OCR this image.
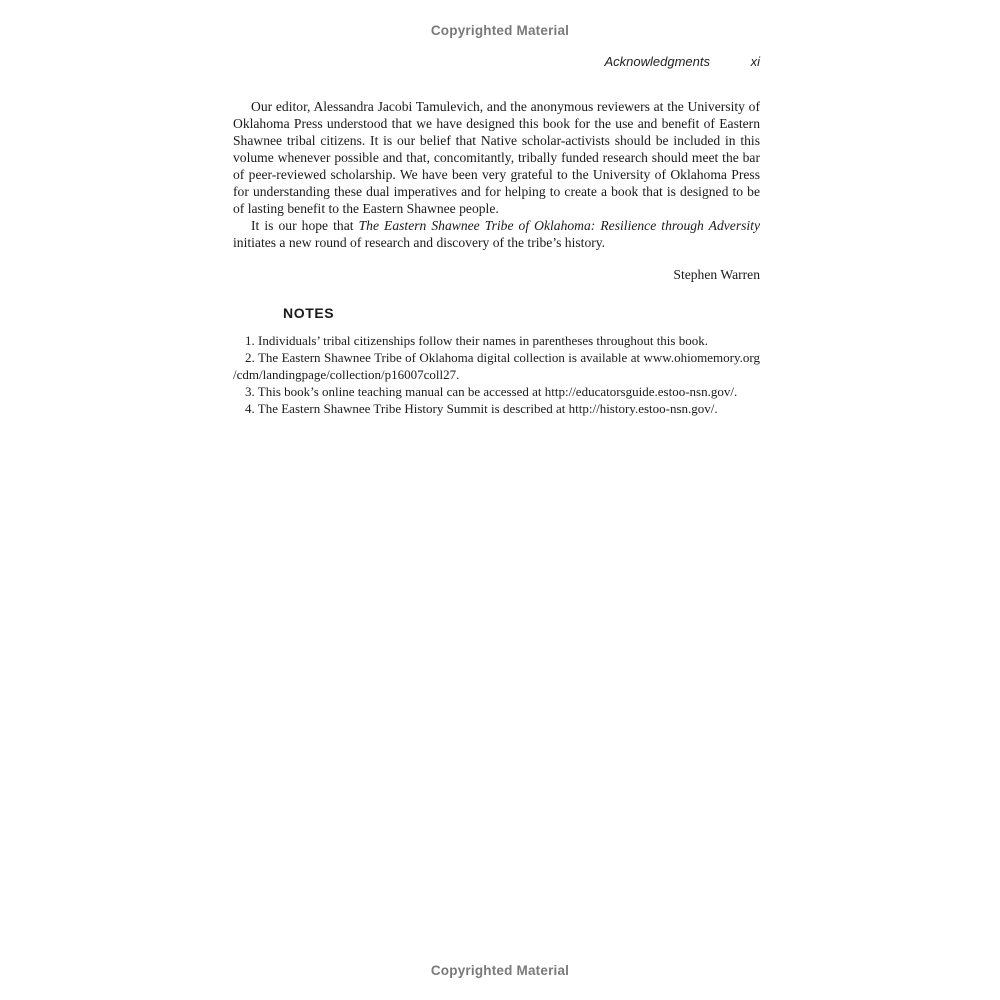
Copyrighted Material
Acknowledgments	xi

Our editor, Alessandra Jacobi Tamulevich, and the anonymous reviewers at the University of Oklahoma Press understood that we have designed this book for the use and benefit of Eastern Shawnee tribal citizens. It is our belief that Native scholar-activists should be included in this volume whenever possible and that, concomitantly, tribally funded research should meet the bar of peer-reviewed scholarship. We have been very grateful to the University of Oklahoma Press for understanding these dual imperatives and for helping to create a book that is designed to be of lasting benefit to the Eastern Shawnee people.

It is our hope that The Eastern Shawnee Tribe of Oklahoma: Resilience through Adversity initiates a new round of research and discovery of the tribe’s history.

Stephen Warren
NOTES

1. Individuals’ tribal citizenships follow their names in parentheses throughout this book.

2. The Eastern Shawnee Tribe of Oklahoma digital collection is available at www.ohiomemory.org /cdm/landingpage/collection/p16007coll27.

3. This book’s online teaching manual can be accessed at http://educatorsguide.estoo-nsn.gov/.

4. The Eastern Shawnee Tribe History Summit is described at http://history.estoo-nsn.gov/.

Copyrighted Material
